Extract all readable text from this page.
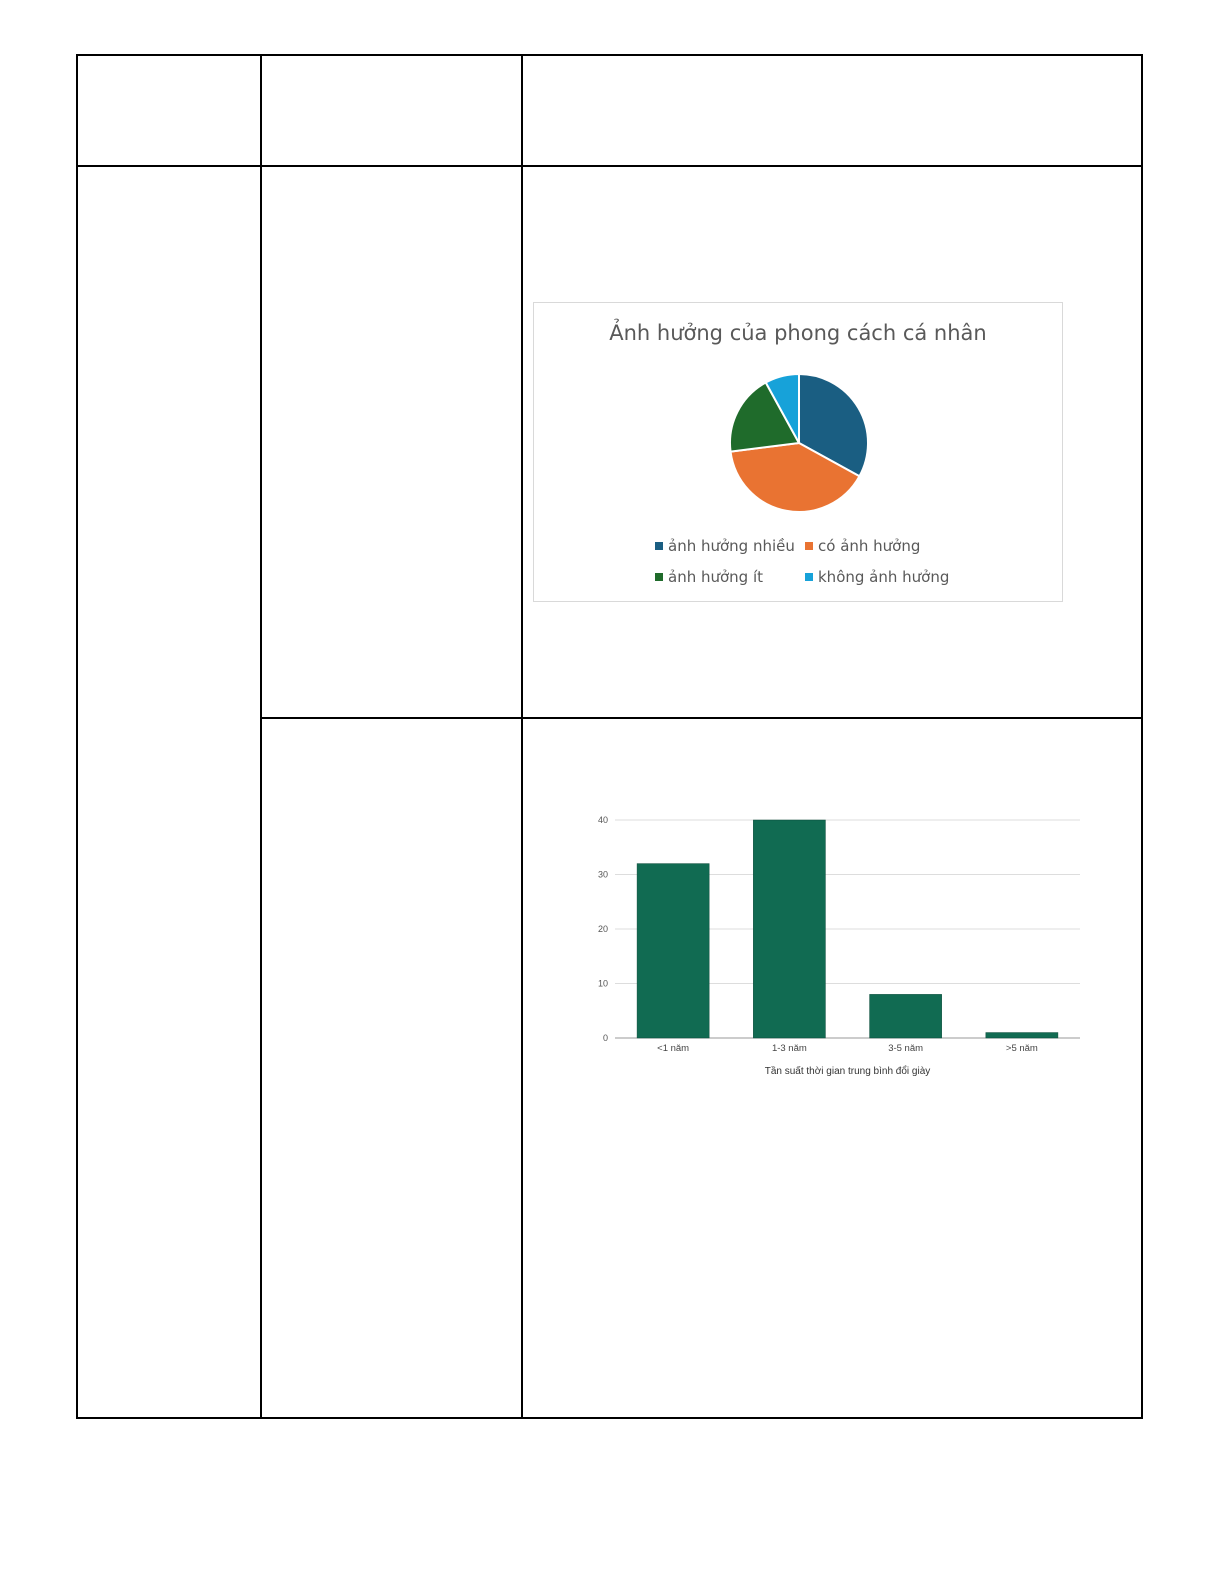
Ảnh hưởng của phong cách cá nhân
ảnh hưởng nhiều có ảnh hưởng
ảnh hưởng ít	không ảnh hưởng
0
10
20
30
40
<1 năm	1-3 năm	3-5 năm	>5 năm
Tần suất thời gian trung bình đổi giày
